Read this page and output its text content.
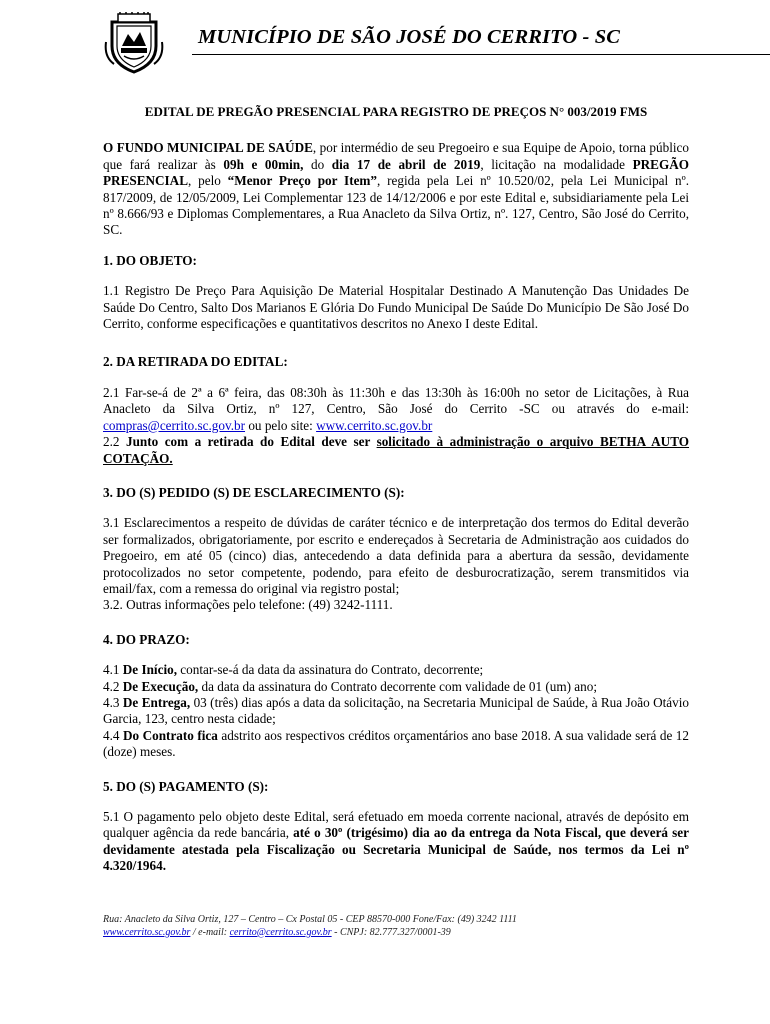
MUNICÍPIO DE SÃO JOSÉ DO CERRITO - SC
EDITAL DE PREGÃO PRESENCIAL PARA REGISTRO DE PREÇOS N° 003/2019 FMS

O FUNDO MUNICIPAL DE SAÚDE, por intermédio de seu Pregoeiro e sua Equipe de Apoio, torna público que fará realizar às 09h e 00min, do dia 17 de abril de 2019, licitação na modalidade PREGÃO PRESENCIAL, pelo “Menor Preço por Item”, regida pela Lei nº 10.520/02, pela Lei Municipal nº. 817/2009, de 12/05/2009, Lei Complementar 123 de 14/12/2006 e por este Edital e, subsidiariamente pela Lei nº 8.666/93 e Diplomas Complementares, a Rua Anacleto da Silva Ortiz, nº. 127, Centro, São José do Cerrito, SC.

1. DO OBJETO:

1.1 Registro De Preço Para Aquisição De Material Hospitalar Destinado A Manutenção Das Unidades De Saúde Do Centro, Salto Dos Marianos E Glória Do Fundo Municipal De Saúde Do Município De São José Do Cerrito, conforme especificações e quantitativos descritos no Anexo I deste Edital.

2. DA RETIRADA DO EDITAL:

2.1 Far-se-á de 2ª a 6ª feira, das 08:30h às 11:30h e das 13:30h às 16:00h no setor de Licitações, à Rua Anacleto da Silva Ortiz, nº 127, Centro, São José do Cerrito -SC ou através do e-mail: compras@cerrito.sc.gov.br ou pelo site: www.cerrito.sc.gov.br

2.2 Junto com a retirada do Edital deve ser solicitado à administração o arquivo BETHA AUTO COTAÇÃO.

3. DO (S) PEDIDO (S) DE ESCLARECIMENTO (S):

3.1 Esclarecimentos a respeito de dúvidas de caráter técnico e de interpretação dos termos do Edital deverão ser formalizados, obrigatoriamente, por escrito e endereçados à Secretaria de Administração aos cuidados do Pregoeiro, em até 05 (cinco) dias, antecedendo a data definida para a abertura da sessão, devidamente protocolizados no setor competente, podendo, para efeito de desburocratização, serem transmitidos via email/fax, com a remessa do original via registro postal;

3.2. Outras informações pelo telefone: (49) 3242-1111.

4. DO PRAZO:

4.1 De Início, contar-se-á da data da assinatura do Contrato, decorrente;

4.2 De Execução, da data da assinatura do Contrato decorrente com validade de 01 (um) ano;

4.3 De Entrega, 03 (três) dias após a data da solicitação, na Secretaria Municipal de Saúde, à Rua João Otávio Garcia, 123, centro nesta cidade;

4.4 Do Contrato fica adstrito aos respectivos créditos orçamentários ano base 2018. A sua validade será de 12 (doze) meses.

5. DO (S) PAGAMENTO (S):

5.1 O pagamento pelo objeto deste Edital, será efetuado em moeda corrente nacional, através de depósito em qualquer agência da rede bancária, até o 30º (trigésimo) dia ao da entrega da Nota Fiscal, que deverá ser devidamente atestada pela Fiscalização ou Secretaria Municipal de Saúde, nos termos da Lei nº 4.320/1964.

Rua: Anacleto da Silva Ortiz, 127 – Centro – Cx Postal 05 - CEP 88570-000 Fone/Fax: (49) 3242 1111
www.cerrito.sc.gov.br / e-mail: cerrito@cerrito.sc.gov.br - CNPJ: 82.777.327/0001-39
